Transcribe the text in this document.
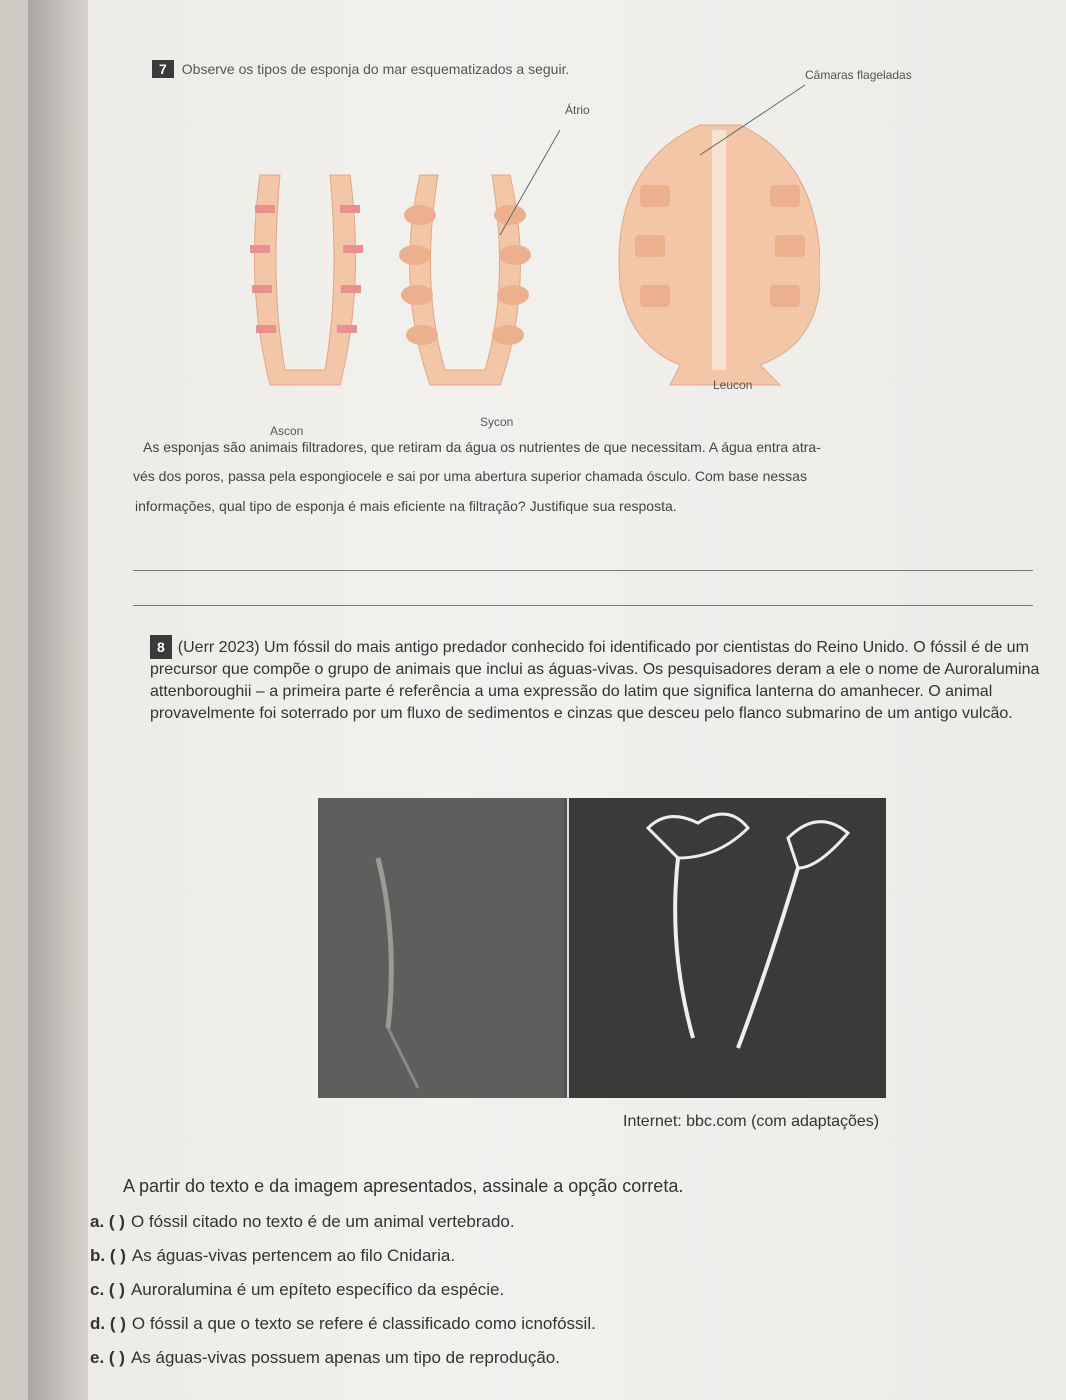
7	Observe os tipos de esponja do mar esquematizados a seguir.
Átrio
Câmaras flageladas
Ascon
Sycon
Leucon
As esponjas são animais filtradores, que retiram da água os nutrientes de que necessitam. A água entra atra-
vés dos poros, passa pela espongiocele e sai por uma abertura superior chamada ósculo. Com base nessas
informações, qual tipo de esponja é mais eficiente na filtração? Justifique sua resposta.
8 (Uerr 2023) Um fóssil do mais antigo predador conhecido foi identificado por cientistas do Reino Unido. O fóssil é de um precursor que compõe o grupo de animais que inclui as águas-vivas. Os pesquisadores deram a ele o nome de Auroralumina attenboroughii – a primeira parte é referência a uma expressão do latim que significa lanterna do amanhecer. O animal provavelmente foi soterrado por um fluxo de sedimentos e cinzas que desceu pelo flanco submarino de um antigo vulcão.
Internet: bbc.com (com adaptações)
A partir do texto e da imagem apresentados, assinale a opção correta.
a. ( ) O fóssil citado no texto é de um animal vertebrado.
b. ( ) As águas-vivas pertencem ao filo Cnidaria.
c. ( ) Auroralumina é um epíteto específico da espécie.
d. ( ) O fóssil a que o texto se refere é classificado como icnofóssil.
e. ( ) As águas-vivas possuem apenas um tipo de reprodução.
